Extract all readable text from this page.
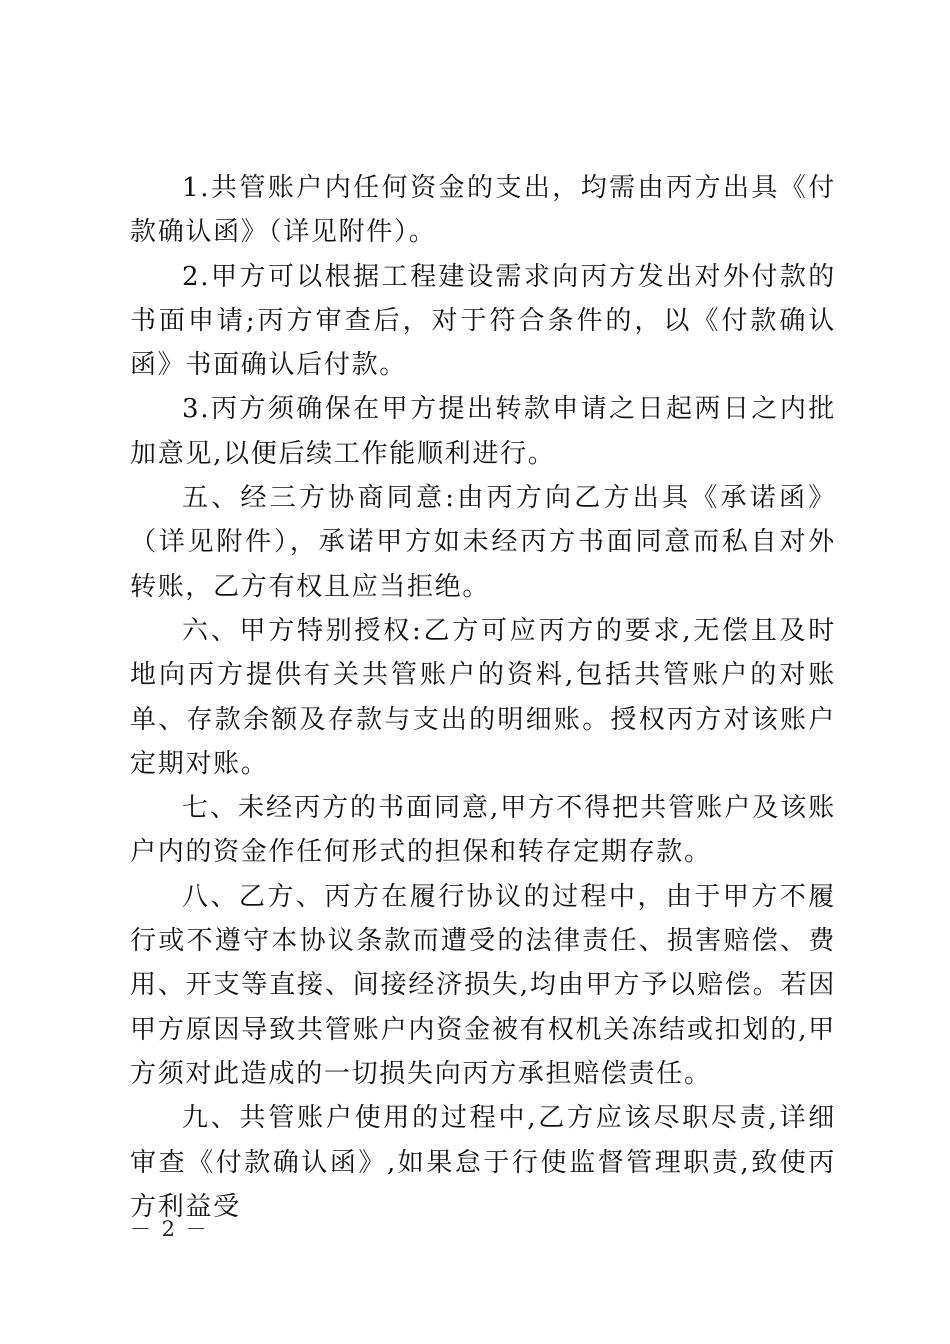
1.共管账户内任何资金的支出，均需由丙方出具《付款确认函》（详见附件）。

2.甲方可以根据工程建设需求向丙方发出对外付款的书面申请;丙方审查后，对于符合条件的，以《付款确认函》书面确认后付款。

3.丙方须确保在甲方提出转款申请之日起两日之内批加意见,以便后续工作能顺利进行。

五、经三方协商同意:由丙方向乙方出具《承诺函》（详见附件），承诺甲方如未经丙方书面同意而私自对外转账，乙方有权且应当拒绝。

六、甲方特别授权:乙方可应丙方的要求,无偿且及时地向丙方提供有关共管账户的资料,包括共管账户的对账单、存款余额及存款与支出的明细账。授权丙方对该账户定期对账。

七、未经丙方的书面同意,甲方不得把共管账户及该账户内的资金作任何形式的担保和转存定期存款。

八、乙方、丙方在履行协议的过程中，由于甲方不履行或不遵守本协议条款而遭受的法律责任、损害赔偿、费用、开支等直接、间接经济损失,均由甲方予以赔偿。若因甲方原因导致共管账户内资金被有权机关冻结或扣划的,甲方须对此造成的一切损失向丙方承担赔偿责任。

九、共管账户使用的过程中,乙方应该尽职尽责,详细审查《付款确认函》,如果怠于行使监督管理职责,致使丙方利益受

－ 2 －
